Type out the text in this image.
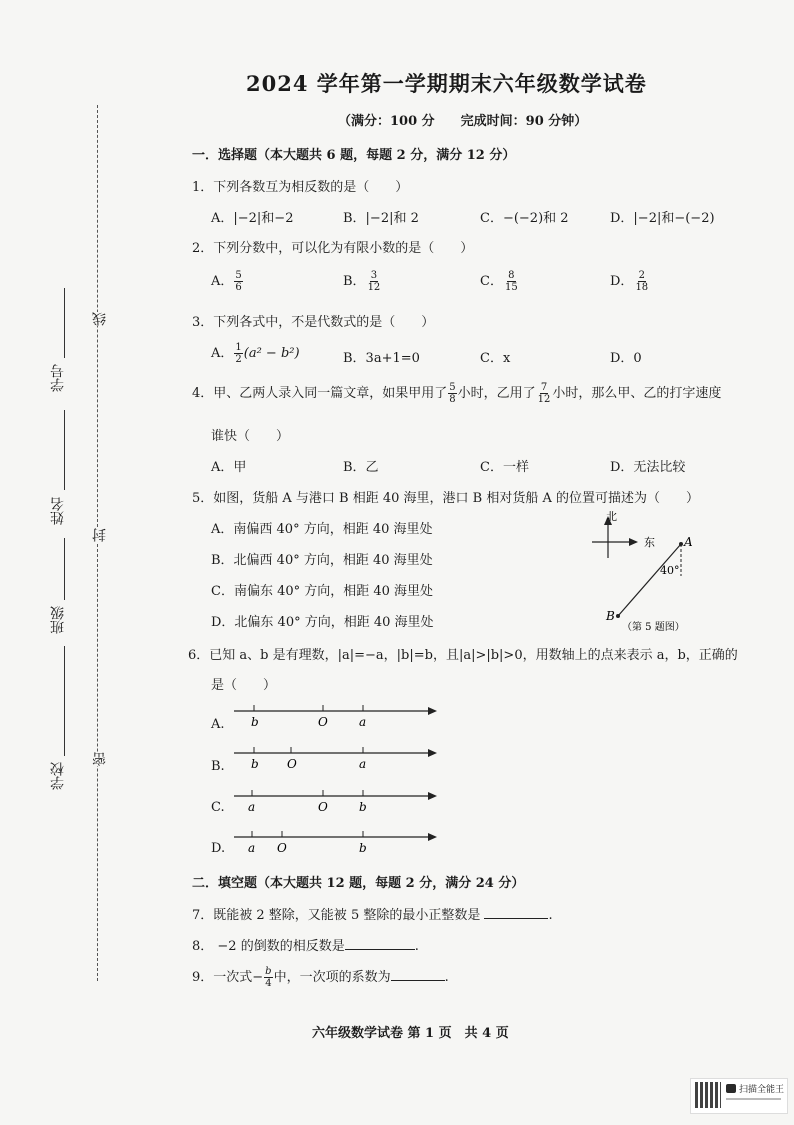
2024 学年第一学期期末六年级数学试卷
（满分：100 分　　完成时间：90 分钟）
线
封
密
学号
姓名
班级
学校
一．选择题（本大题共 6 题，每题 2 分，满分 12 分）
1．下列各数互为相反数的是（　　）
A．|−2|和−2	B．|−2|和 2	C．−(−2)和 2	D．|−2|和−(−2)
2．下列分数中，可以化为有限小数的是（　　）
A． $\frac{5}{6}$	B． $\frac{3}{12}$	C． $\frac{8}{15}$	D． $\frac{2}{18}$
3．下列各式中，不是代数式的是（　　）
A． $\frac{1}{2} (a^2 - b^2)$	B．3a+1=0	C．x	D．0
4．甲、乙两人录入同一篇文章，如果甲用了 $\frac{5}{8}$ 小时，乙用了 $\frac{7}{12}$ 小时，那么甲、乙的打字速度
谁快（　　）
A．甲	B．乙	C．一样	D．无法比较
5．如图，货船 A 与港口 B 相距 40 海里，港口 B 相对货船 A 的位置可描述为（　　）
A．南偏西 40° 方向，相距 40 海里处
B．北偏西 40° 方向，相距 40 海里处
C．南偏东 40° 方向，相距 40 海里处
D．北偏东 40° 方向，相距 40 海里处
北
东 A
B
40°
（第 5 题图）
6．已知 a、b 是有理数，|a|=−a，|b|=b，且|a|>|b|>0，用数轴上的点来表示 a，b，正确的
是（　　）
A. b	O	a
B. b O	a
C. a	O	b
D. a O	b
二．填空题（本大题共 12 题，每题 2 分，满分 24 分）
7．既能被 2 整除，又能被 5 整除的最小正整数是	.
8． −2 的倒数的相反数是	.
9．一次式− $\frac{b}{4}$ 中，一次项的系数为	.
六年级数学试卷 第 1 页　共 4 页
扫描全能王
